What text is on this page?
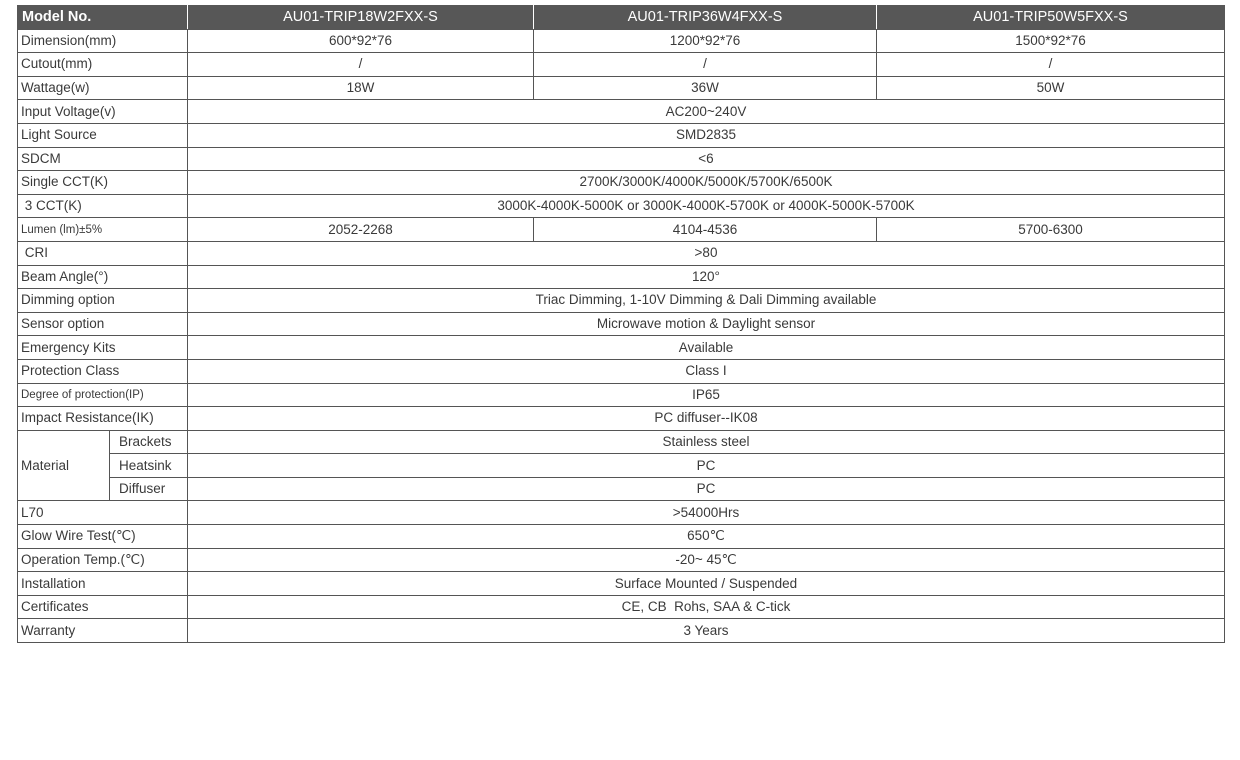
Model No.		AU01-TRIP18W2FXX-S	AU01-TRIP36W4FXX-S	AU01-TRIP50W5FXX-S
Dimension(mm)		600*92*76	1200*92*76	1500*92*76
Cutout(mm)		/	/	/
Wattage(w)		18W	36W	50W
Input Voltage(v)		AC200~240V		
Light Source		SMD2835		
SDCM		<6		
Single CCT(K)		2700K/3000K/4000K/5000K/5700K/6500K		
3 CCT(K)		3000K-4000K-5000K or 3000K-4000K-5700K or 4000K-5000K-5700K		
Lumen (lm)±5%		2052-2268	4104-4536	5700-6300
CRI		>80		
Beam Angle(°)		120°		
Dimming option		Triac Dimming, 1-10V Dimming & Dali Dimming available		
Sensor option		Microwave motion & Daylight sensor		
Emergency Kits		Available		
Protection Class		Class I		
Degree of protection(IP)		IP65		
Impact Resistance(IK)		PC diffuser--IK08		
Material	Brackets	Stainless steel		
	Heatsink	PC		
	Diffuser	PC		
L70		>54000Hrs		
Glow Wire Test(℃)		650℃		
Operation Temp.(℃)		-20~ 45℃		
Installation		Surface Mounted / Suspended		
Certificates		CE, CB  Rohs, SAA & C-tick		
Warranty		3 Years		
